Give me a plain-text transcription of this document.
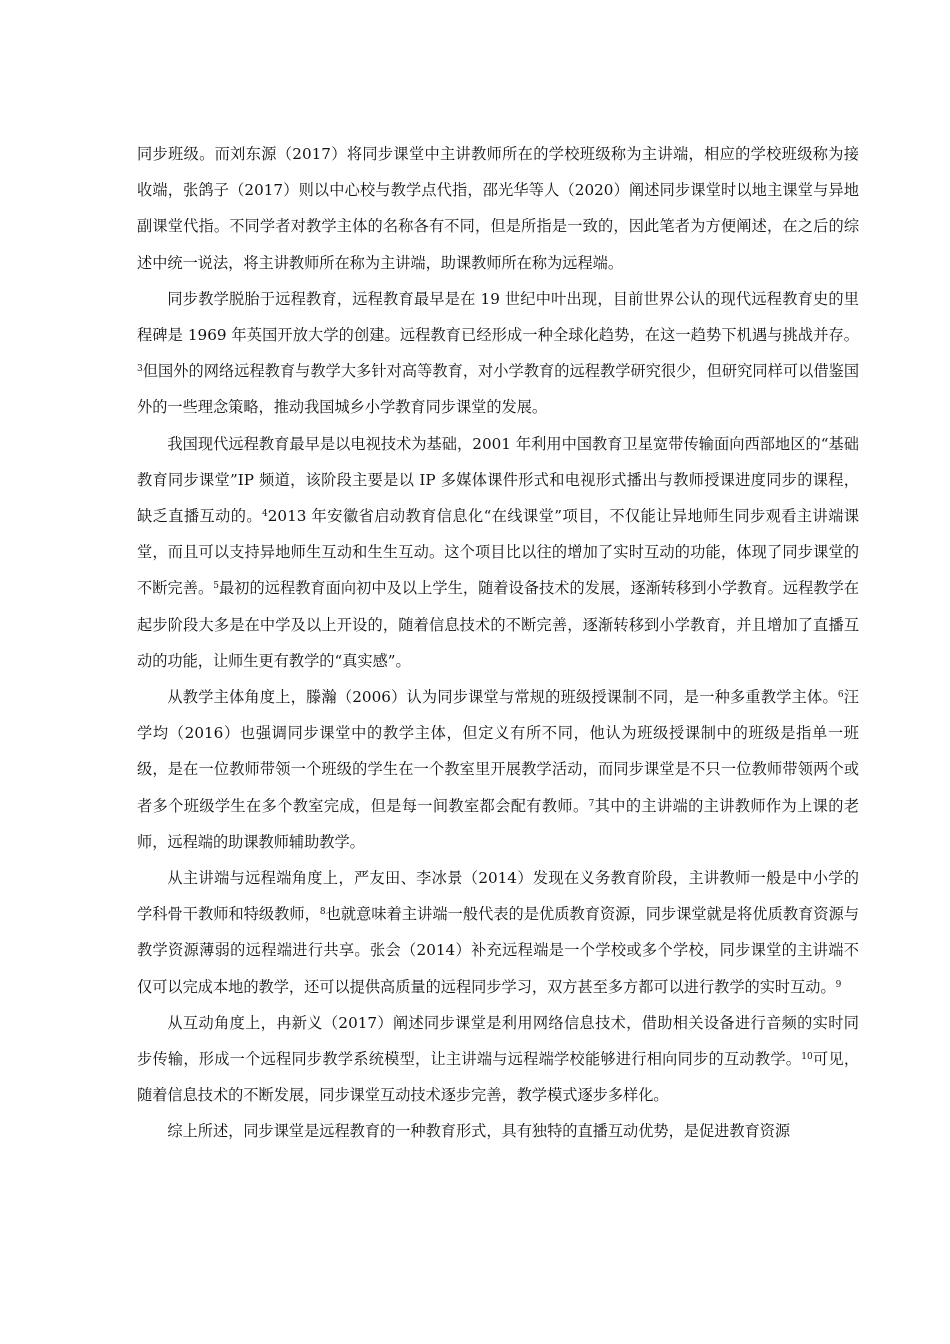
同步班级。而刘东源（2017）将同步课堂中主讲教师所在的学校班级称为主讲端，相应的学校班级称为接收端，张鸽子（2017）则以中心校与教学点代指，邵光华等人（2020）阐述同步课堂时以地主课堂与异地副课堂代指。不同学者对教学主体的名称各有不同，但是所指是一致的，因此笔者为方便阐述，在之后的综述中统一说法，将主讲教师所在称为主讲端，助课教师所在称为远程端。

同步教学脱胎于远程教育，远程教育最早是在 19 世纪中叶出现，目前世界公认的现代远程教育史的里程碑是 1969 年英国开放大学的创建。远程教育已经形成一种全球化趋势，在这一趋势下机遇与挑战并存。$^3$但国外的网络远程教育与教学大多针对高等教育，对小学教育的远程教学研究很少，但研究同样可以借鉴国外的一些理念策略，推动我国城乡小学教育同步课堂的发展。

我国现代远程教育最早是以电视技术为基础，2001 年利用中国教育卫星宽带传输面向西部地区的“基础教育同步课堂”IP 频道，该阶段主要是以 IP 多媒体课件形式和电视形式播出与教师授课进度同步的课程，缺乏直播互动的。$^4$2013 年安徽省启动教育信息化“在线课堂”项目，不仅能让异地师生同步观看主讲端课堂，而且可以支持异地师生互动和生生互动。这个项目比以往的增加了实时互动的功能，体现了同步课堂的不断完善。$^5$最初的远程教育面向初中及以上学生，随着设备技术的发展，逐渐转移到小学教育。远程教学在起步阶段大多是在中学及以上开设的，随着信息技术的不断完善，逐渐转移到小学教育，并且增加了直播互动的功能，让师生更有教学的“真实感”。

从教学主体角度上，滕瀚（2006）认为同步课堂与常规的班级授课制不同，是一种多重教学主体。$^6$汪学均（2016）也强调同步课堂中的教学主体，但定义有所不同，他认为班级授课制中的班级是指单一班级，是在一位教师带领一个班级的学生在一个教室里开展教学活动，而同步课堂是不只一位教师带领两个或者多个班级学生在多个教室完成，但是每一间教室都会配有教师。$^7$其中的主讲端的主讲教师作为上课的老师，远程端的助课教师辅助教学。

从主讲端与远程端角度上，严友田、李冰景（2014）发现在义务教育阶段，主讲教师一般是中小学的学科骨干教师和特级教师，$^8$也就意味着主讲端一般代表的是优质教育资源，同步课堂就是将优质教育资源与教学资源薄弱的远程端进行共享。张会（2014）补充远程端是一个学校或多个学校，同步课堂的主讲端不仅可以完成本地的教学，还可以提供高质量的远程同步学习，双方甚至多方都可以进行教学的实时互动。$^9$

从互动角度上，冉新义（2017）阐述同步课堂是利用网络信息技术，借助相关设备进行音频的实时同步传输，形成一个远程同步教学系统模型，让主讲端与远程端学校能够进行相向同步的互动教学。$^{10}$可见，随着信息技术的不断发展，同步课堂互动技术逐步完善，教学模式逐步多样化。

综上所述，同步课堂是远程教育的一种教育形式，具有独特的直播互动优势，是促进教育资源
